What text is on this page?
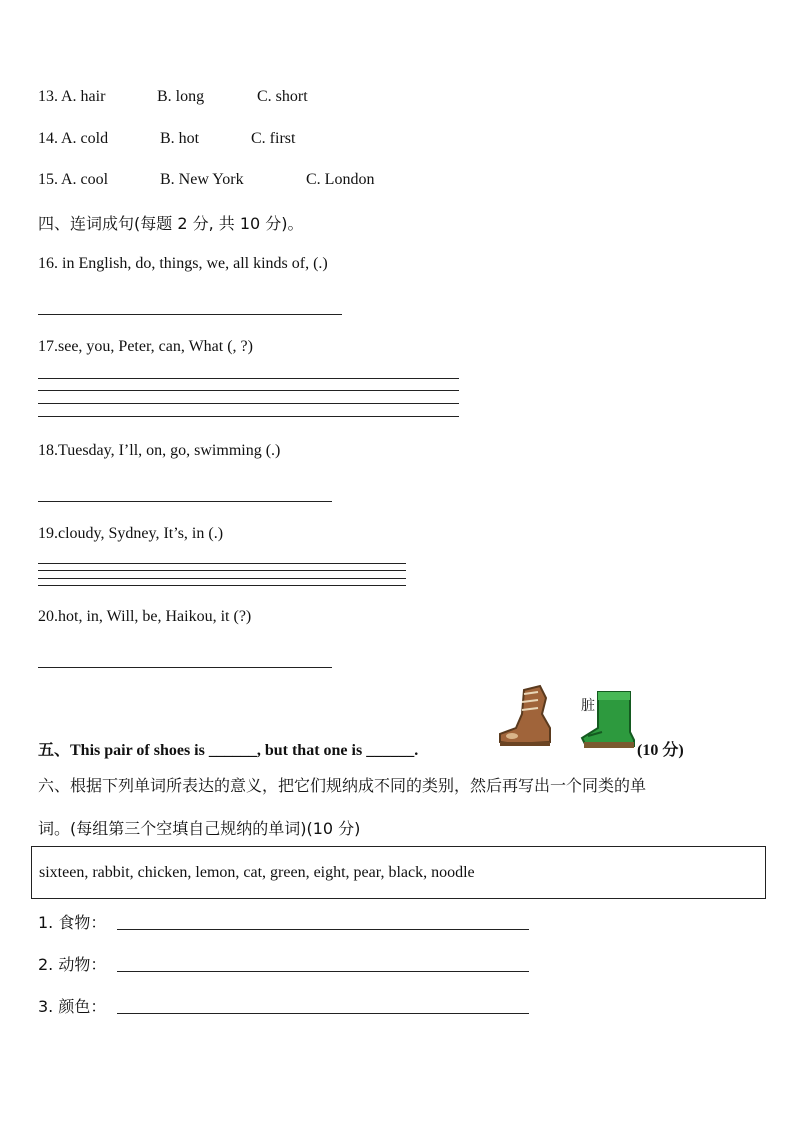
13. A. hair	B. long	C. short
14. A. cold	B. hot	C. first
15. A. cool	B. New York	C. London
四、连词成句(每题 2 分, 共 10 分)。
16. in English, do, things, we, all kinds of, (.)
17.see, you, Peter, can, What (, ?)
18.Tuesday, I’ll, on, go, swimming (.)
19.cloudy, Sydney, It’s, in (.)
20.hot, in, Will, be, Haikou, it (?)
五、This pair of shoes is ______, but that one is ______.
脏
(10 分)
六、根据下列单词所表达的意义，把它们规纳成不同的类别，然后再写出一个同类的单
词。(每组第三个空填自己规纳的单词)(10 分)
sixteen, rabbit, chicken, lemon, cat, green, eight, pear, black, noodle
1. 食物：
2. 动物：
3. 颜色：
